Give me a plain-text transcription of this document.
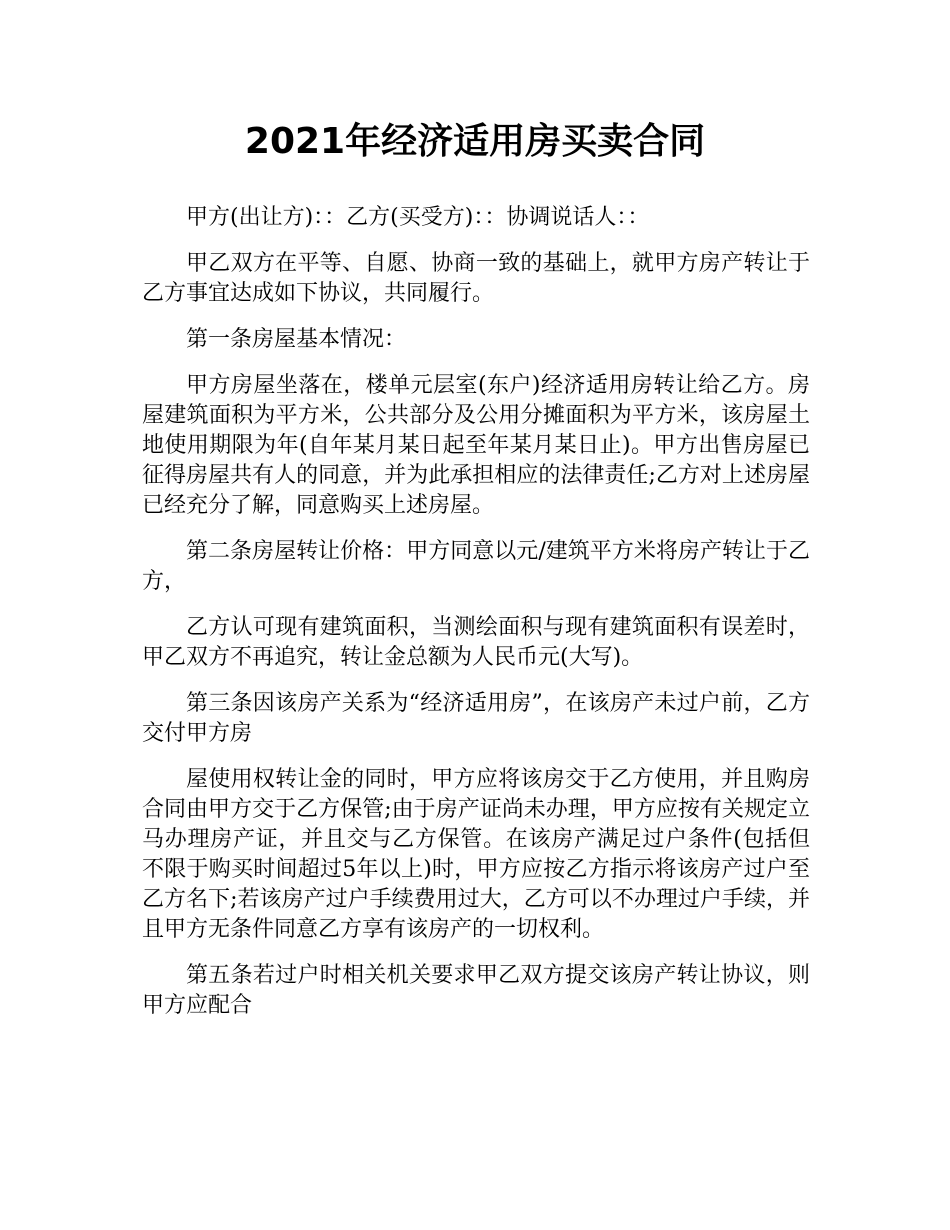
2021年经济适用房买卖合同

甲方(出让方)：：乙方(买受方)：：协调说话人：：

甲乙双方在平等、自愿、协商一致的基础上，就甲方房产转让于乙方事宜达成如下协议，共同履行。

第一条房屋基本情况：

甲方房屋坐落在，楼单元层室(东户)经济适用房转让给乙方。房屋建筑面积为平方米，公共部分及公用分摊面积为平方米，该房屋土地使用期限为年(自年某月某日起至年某月某日止)。甲方出售房屋已征得房屋共有人的同意，并为此承担相应的法律责任;乙方对上述房屋已经充分了解，同意购买上述房屋。

第二条房屋转让价格：甲方同意以元/建筑平方米将房产转让于乙方，

乙方认可现有建筑面积，当测绘面积与现有建筑面积有误差时，甲乙双方不再追究，转让金总额为人民币元(大写)。

第三条因该房产关系为“经济适用房”，在该房产未过户前，乙方交付甲方房

屋使用权转让金的同时，甲方应将该房交于乙方使用，并且购房合同由甲方交于乙方保管;由于房产证尚未办理，甲方应按有关规定立马办理房产证，并且交与乙方保管。在该房产满足过户条件(包括但不限于购买时间超过5年以上)时，甲方应按乙方指示将该房产过户至乙方名下;若该房产过户手续费用过大，乙方可以不办理过户手续，并且甲方无条件同意乙方享有该房产的一切权利。

第五条若过户时相关机关要求甲乙双方提交该房产转让协议，则甲方应配合
